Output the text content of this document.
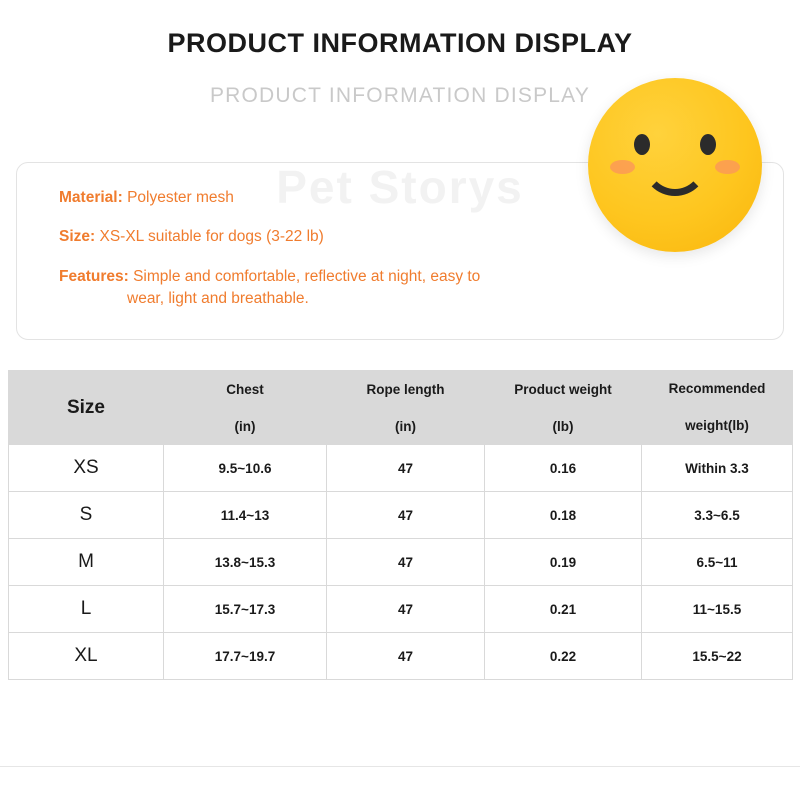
PRODUCT INFORMATION DISPLAY
PRODUCT INFORMATION DISPLAY
Pet Storys
Material: Polyester mesh
Size: XS-XL suitable for dogs (3-22 lb)
Features: Simple and comfortable, reflective at night, easy to
wear, light and breathable.
Size	Chest	Rope length	Product weight	Recommended
	(in)	(in)	(lb)	weight(lb)
XS	9.5~10.6	47	0.16	Within 3.3
S	11.4~13	47	0.18	3.3~6.5
M	13.8~15.3	47	0.19	6.5~11
L	15.7~17.3	47	0.21	11~15.5
XL	17.7~19.7	47	0.22	15.5~22
